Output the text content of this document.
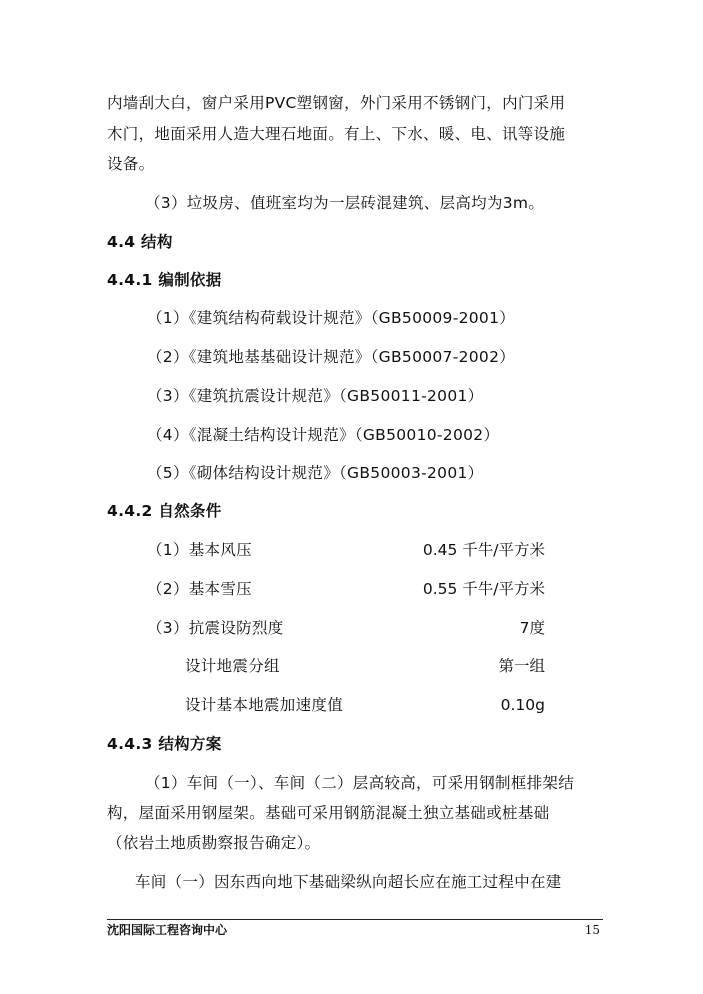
内墙刮大白，窗户采用PVC塑钢窗，外门采用不锈钢门，内门采用
木门，地面采用人造大理石地面。有上、下水、暖、电、讯等设施
设备。
（3）垃圾房、值班室均为一层砖混建筑、层高均为3m。
4.4 结构
4.4.1 编制依据
（1）《建筑结构荷载设计规范》（GB50009-2001）
（2）《建筑地基基础设计规范》（GB50007-2002）
（3）《建筑抗震设计规范》（GB50011-2001）
（4）《混凝土结构设计规范》（GB50010-2002）
（5）《砌体结构设计规范》（GB50003-2001）
4.4.2 自然条件
（1）基本风压	0.45 千牛/平方米
（2）基本雪压	0.55 千牛/平方米
（3）抗震设防烈度	7度
设计地震分组	第一组
设计基本地震加速度值	0.10g
4.4.3 结构方案
（1）车间（一）、车间（二）层高较高，可采用钢制框排架结
构，屋面采用钢屋架。基础可采用钢筋混凝土独立基础或桩基础
（依岩土地质勘察报告确定）。
车间（一）因东西向地下基础梁纵向超长应在施工过程中在建
沈阳国际工程咨询中心	15
